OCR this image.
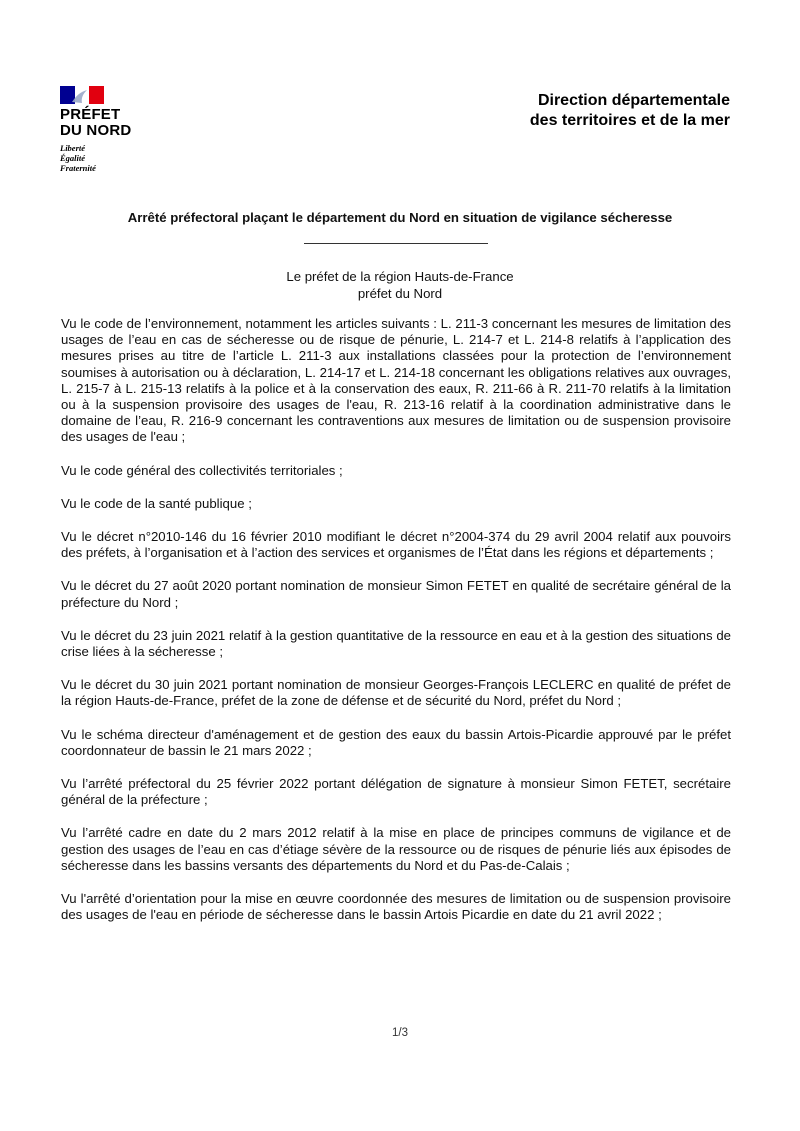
PRÉFET
DU NORD
Liberté
Égalité
Fraternité
Direction départementale
des territoires et de la mer
Arrêté préfectoral plaçant le département du Nord en situation de vigilance sécheresse
Le préfet de la région Hauts-de-France
préfet du Nord

Vu le code de l’environnement, notamment les articles suivants : L. 211-3 concernant les mesures de limitation des usages de l’eau en cas de sécheresse ou de risque de pénurie, L. 214-7 et L. 214-8 relatifs à l’application des mesures prises au titre de l’article L. 211-3 aux installations classées pour la protection de l’environnement soumises à autorisation ou à déclaration, L. 214-17 et L. 214-18 concernant les obligations relatives aux ouvrages, L. 215-7 à L. 215-13 relatifs à la police et à la conservation des eaux, R. 211-66 à R. 211-70 relatifs à la limitation ou à la suspension provisoire des usages de l'eau, R. 213-16 relatif à la coordination administrative dans le domaine de l’eau, R. 216-9 concernant les contraventions aux mesures de limitation ou de suspension provisoire des usages de l'eau ;

Vu le code général des collectivités territoriales ;

Vu le code de la santé publique ;

Vu le décret n°2010-146 du 16 février 2010 modifiant le décret n°2004-374 du 29 avril 2004 relatif aux pouvoirs des préfets, à l’organisation et à l’action des services et organismes de l’État dans les régions et départements ;

Vu le décret du 27 août 2020 portant nomination de monsieur Simon FETET en qualité de secrétaire général de la préfecture du Nord ;

Vu le décret du 23 juin 2021 relatif à la gestion quantitative de la ressource en eau et à la gestion des situations de crise liées à la sécheresse ;

Vu le décret du 30 juin 2021 portant nomination de monsieur Georges-François LECLERC en qualité de préfet de la région Hauts-de-France, préfet de la zone de défense et de sécurité du Nord, préfet du Nord ;

Vu le schéma directeur d'aménagement et de gestion des eaux du bassin Artois-Picardie approuvé par le préfet coordonnateur de bassin le 21 mars 2022 ;

Vu l’arrêté préfectoral du 25 février 2022 portant délégation de signature à monsieur Simon FETET, secrétaire général de la préfecture ;

Vu l’arrêté cadre en date du 2 mars 2012 relatif à la mise en place de principes communs de vigilance et de gestion des usages de l’eau en cas d’étiage sévère de la ressource ou de risques de pénurie liés aux épisodes de sécheresse dans les bassins versants des départements du Nord et du Pas-de-Calais ;

Vu l'arrêté d’orientation pour la mise en œuvre coordonnée des mesures de limitation ou de suspension provisoire des usages de l'eau en période de sécheresse dans le bassin Artois Picardie en date du 21 avril 2022 ;

1/3
